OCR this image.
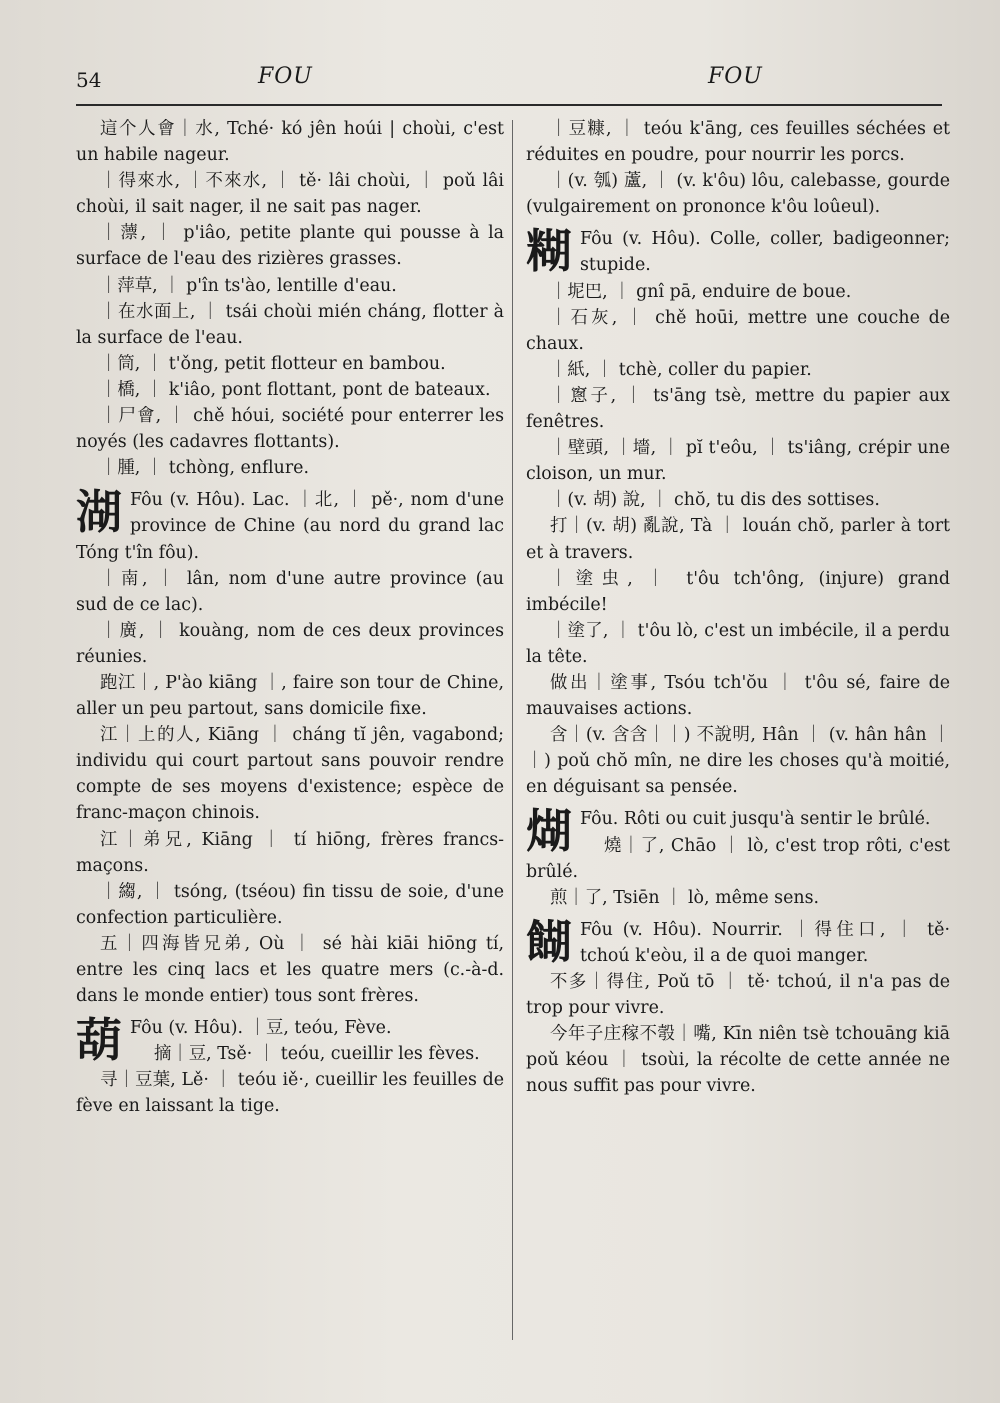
54	FOU	FOU

這个人會｜水, Tché· kó jên hoúi | choùi, c'est un habile nageur.

｜得來水, ｜不來水, ｜ tě· lâi choùi, ｜ poǔ lâi choùi, il sait nager, il ne sait pas nager.

｜薸, ｜ p'iâo, petite plante qui pousse à la surface de l'eau des rizières grasses.

｜萍草, ｜ p'în ts'ào, lentille d'eau.

｜在水面上, ｜ tsái choùi mién cháng, flotter à la surface de l'eau.

｜筒, ｜ t'ǒng, petit flotteur en bambou.

｜橋, ｜ k'iâo, pont flottant, pont de bateaux.

｜尸會, ｜ chě hóui, société pour enterrer les noyés (les cadavres flottants).

｜腫, ｜ tchòng, enflure.

湖 Fôu (v. Hôu). Lac. ｜北, ｜ pě·, nom d'une province de Chine (au nord du grand lac Tóng t'în fôu).

｜南, ｜ lân, nom d'une autre province (au sud de ce lac).

｜廣, ｜ kouàng, nom de ces deux provinces réunies.

跑江｜, P'ào kiāng ｜, faire son tour de Chine, aller un peu partout, sans domicile fixe.

江｜上的人, Kiāng ｜ cháng tĭ jên, vagabond; individu qui court partout sans pouvoir rendre compte de ses moyens d'existence; espèce de franc-maçon chinois.

江｜弟兄, Kiāng ｜ tí hiōng, frères francs-maçons.

｜縐, ｜ tsóng, (tséou) fin tissu de soie, d'une confection particulière.

五｜四海皆兄弟, Où ｜ sé hài kiāi hiōng tí, entre les cinq lacs et les quatre mers (c.-à-d. dans le monde entier) tous sont frères.

葫 Fôu (v. Hôu). ｜豆, teóu, Fève.

摘｜豆, Tsě· ｜ teóu, cueillir les fèves.

寻｜豆葉, Lě· ｜ teóu iě·, cueillir les feuilles de fève en laissant la tige.

｜豆糠, ｜ teóu k'āng, ces feuilles séchées et réduites en poudre, pour nourrir les porcs.

｜(v. 瓠) 蘆, ｜ (v. k'ôu) lôu, calebasse, gourde (vulgairement on prononce k'ôu loûeul).

糊 Fôu (v. Hôu). Colle, coller, badigeonner; stupide.

｜坭巴, ｜ gnî pā, enduire de boue.

｜石灰, ｜ chě hoūi, mettre une couche de chaux.

｜紙, ｜ tchè, coller du papier.

｜窻子, ｜ ts'āng tsè, mettre du papier aux fenêtres.

｜壁頭, ｜墻, ｜ pĭ t'eôu, ｜ ts'iâng, crépir une cloison, un mur.

｜(v. 胡) 說, ｜ chŏ, tu dis des sottises.

打｜(v. 胡) 亂說, Tà ｜ louán chŏ, parler à tort et à travers.

｜塗虫, ｜ t'ôu tch'ông, (injure) grand imbécile!

｜塗了, ｜ t'ôu lò, c'est un imbécile, il a perdu la tête.

做出｜塗事, Tsóu tch'ŏu ｜ t'ôu sé, faire de mauvaises actions.

含｜(v. 含含｜｜) 不說明, Hân ｜ (v. hân hân ｜ ｜) poǔ chŏ mîn, ne dire les choses qu'à moitié, en déguisant sa pensée.

煳 Fôu. Rôti ou cuit jusqu'à sentir le brûlé.

燒｜了, Chāo ｜ lò, c'est trop rôti, c'est brûlé.

煎｜了, Tsiēn ｜ lò, même sens.

餬 Fôu (v. Hôu). Nourrir. ｜得住口, ｜ tě· tchoú k'eòu, il a de quoi manger.

不多｜得住, Poǔ tō ｜ tě· tchoú, il n'a pas de trop pour vivre.

今年子庄稼不彀｜嘴, Kīn niên tsè tchouāng kiā poǔ kéou ｜ tsoùi, la récolte de cette année ne nous suffit pas pour vivre.
